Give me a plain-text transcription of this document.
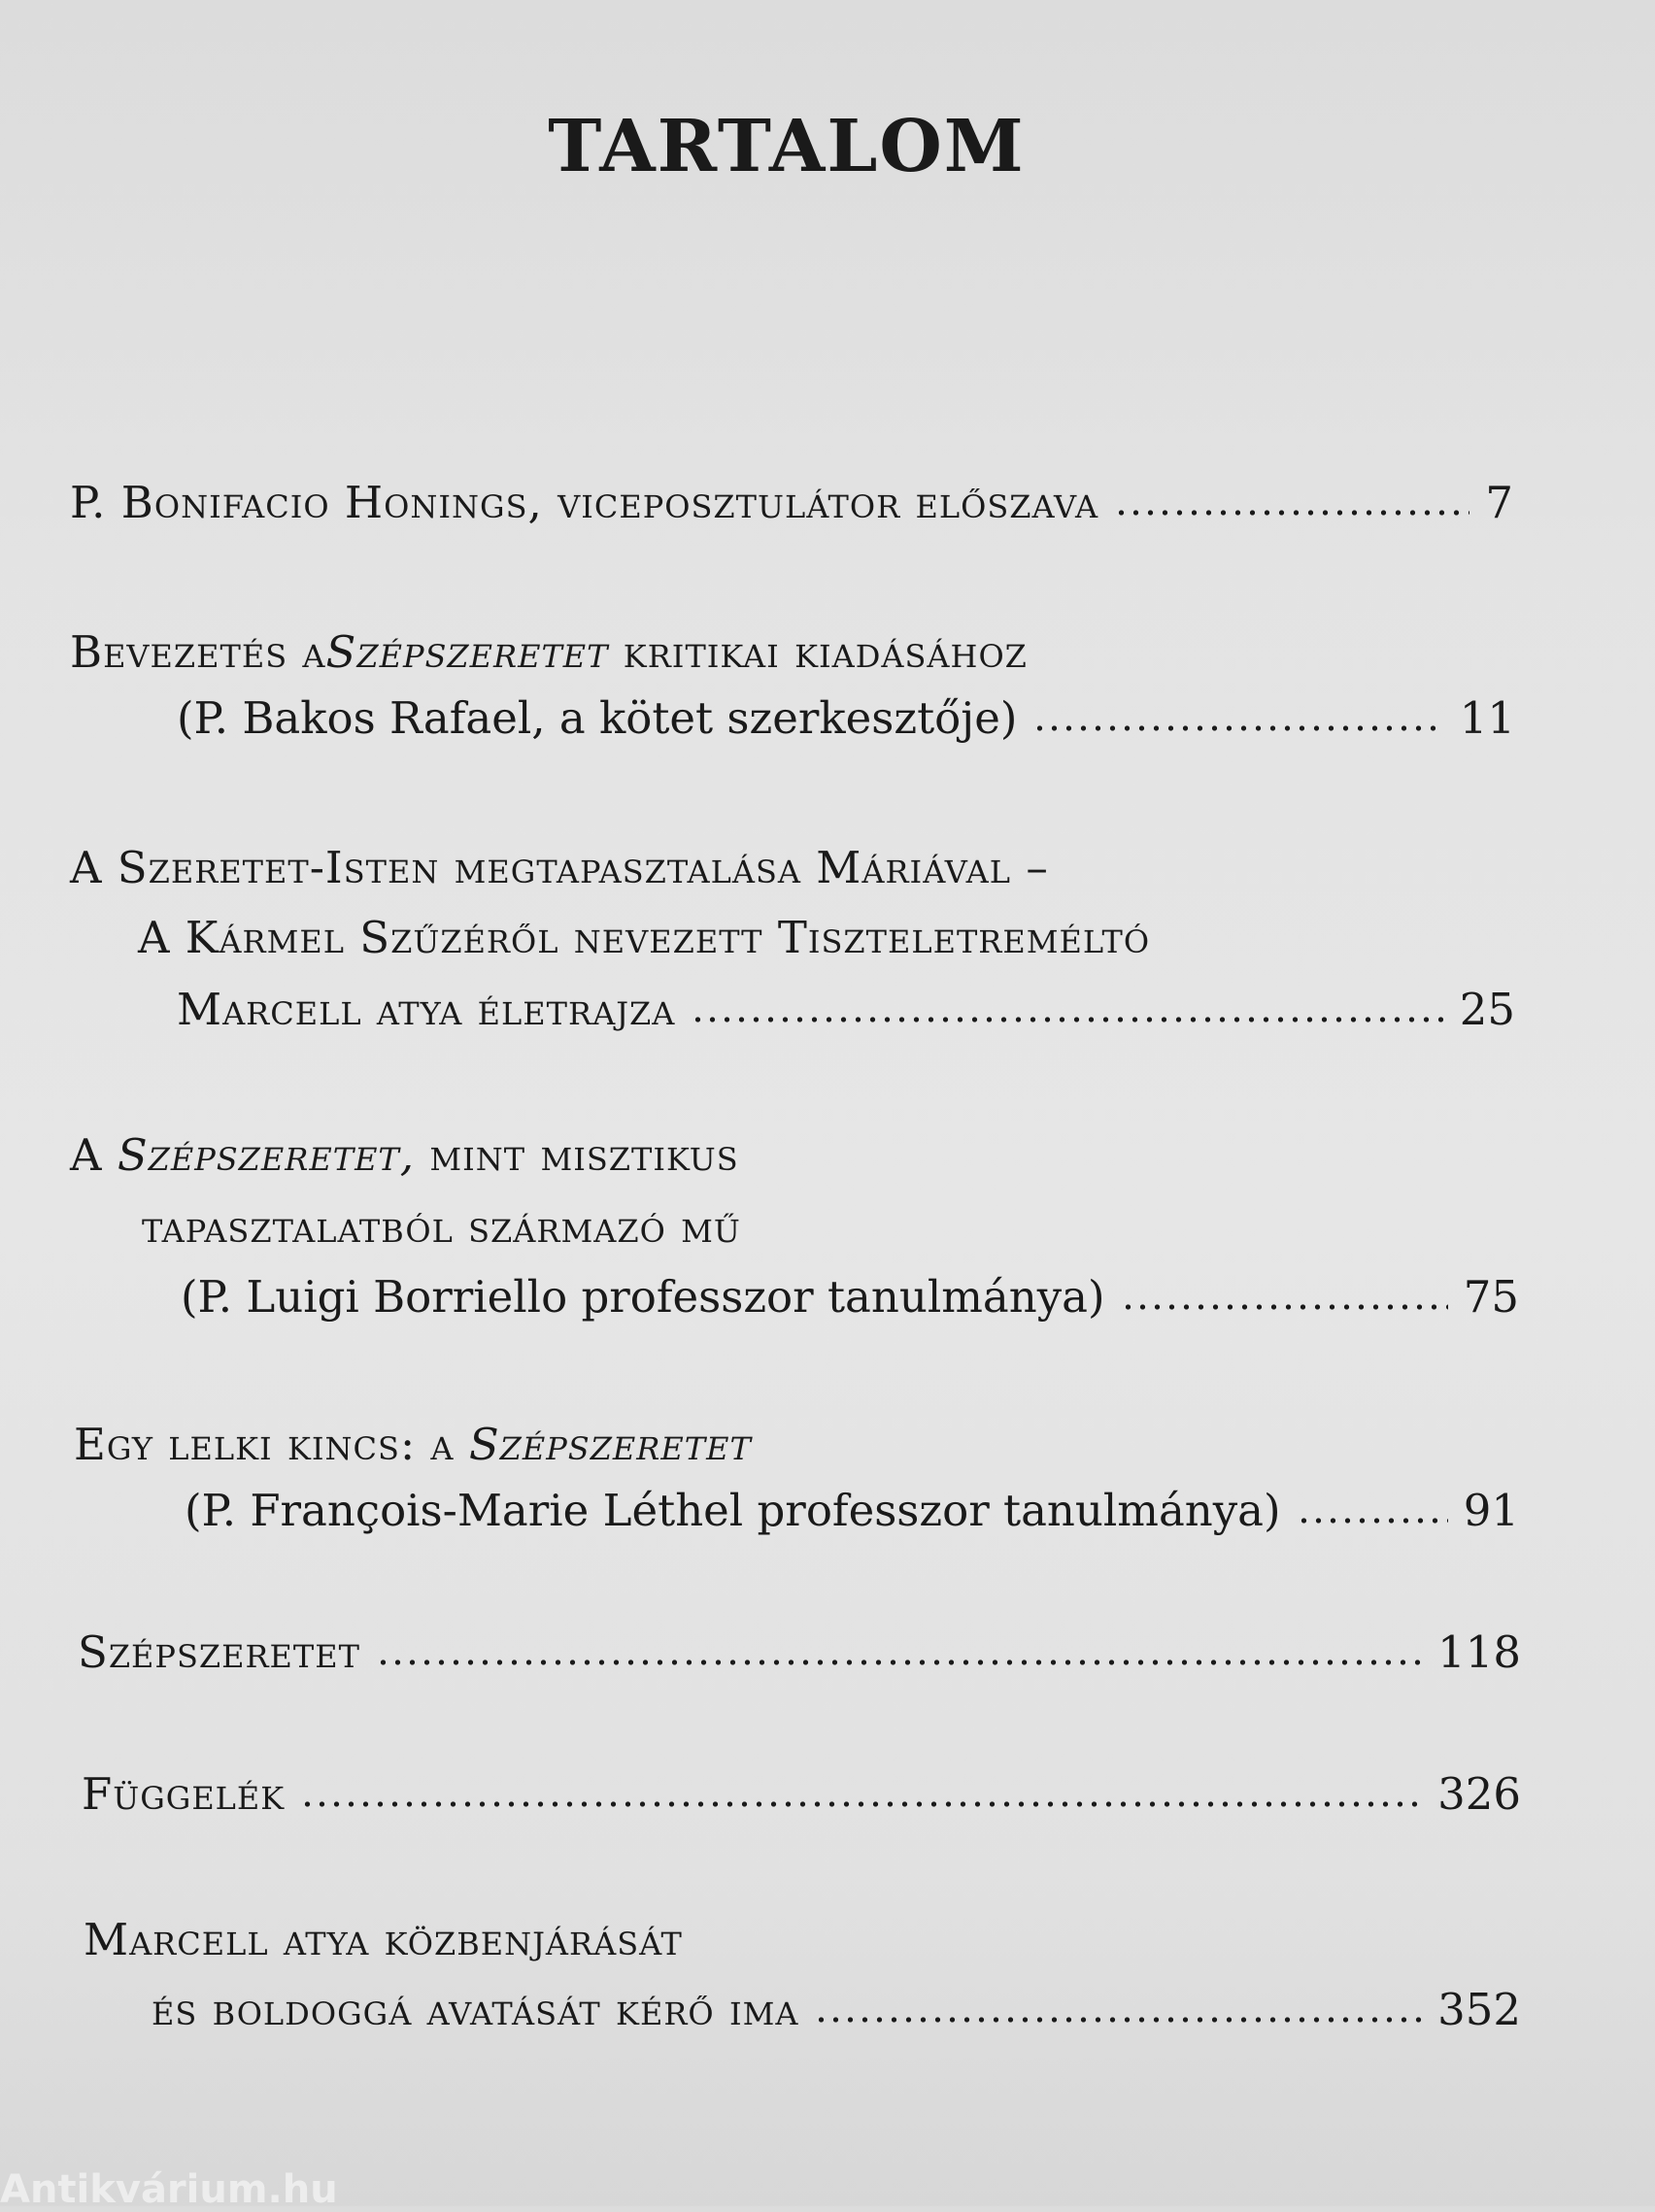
TARTALOM
P. Bonifacio Honings, viceposztulátor előszava	7
Bevezetés a Szépszeretet kritikai kiadásához
(P. Bakos Rafael, a kötet szerkesztője)	11
A Szeretet-Isten megtapasztalása Máriával –
A Kármel Szűzéről nevezett Tiszteletreméltó
Marcell atya életrajza	25
A Szépszeretet, mint misztikus
tapasztalatból származó mű
(P. Luigi Borriello professzor tanulmánya)	75
Egy lelki kincs: a Szépszeretet
(P. François-Marie Léthel professzor tanulmánya)	91
Szépszeretet	118
Függelék	326
Marcell atya közbenjárását
és boldoggá avatását kérő ima	352
Antikvárium.hu
